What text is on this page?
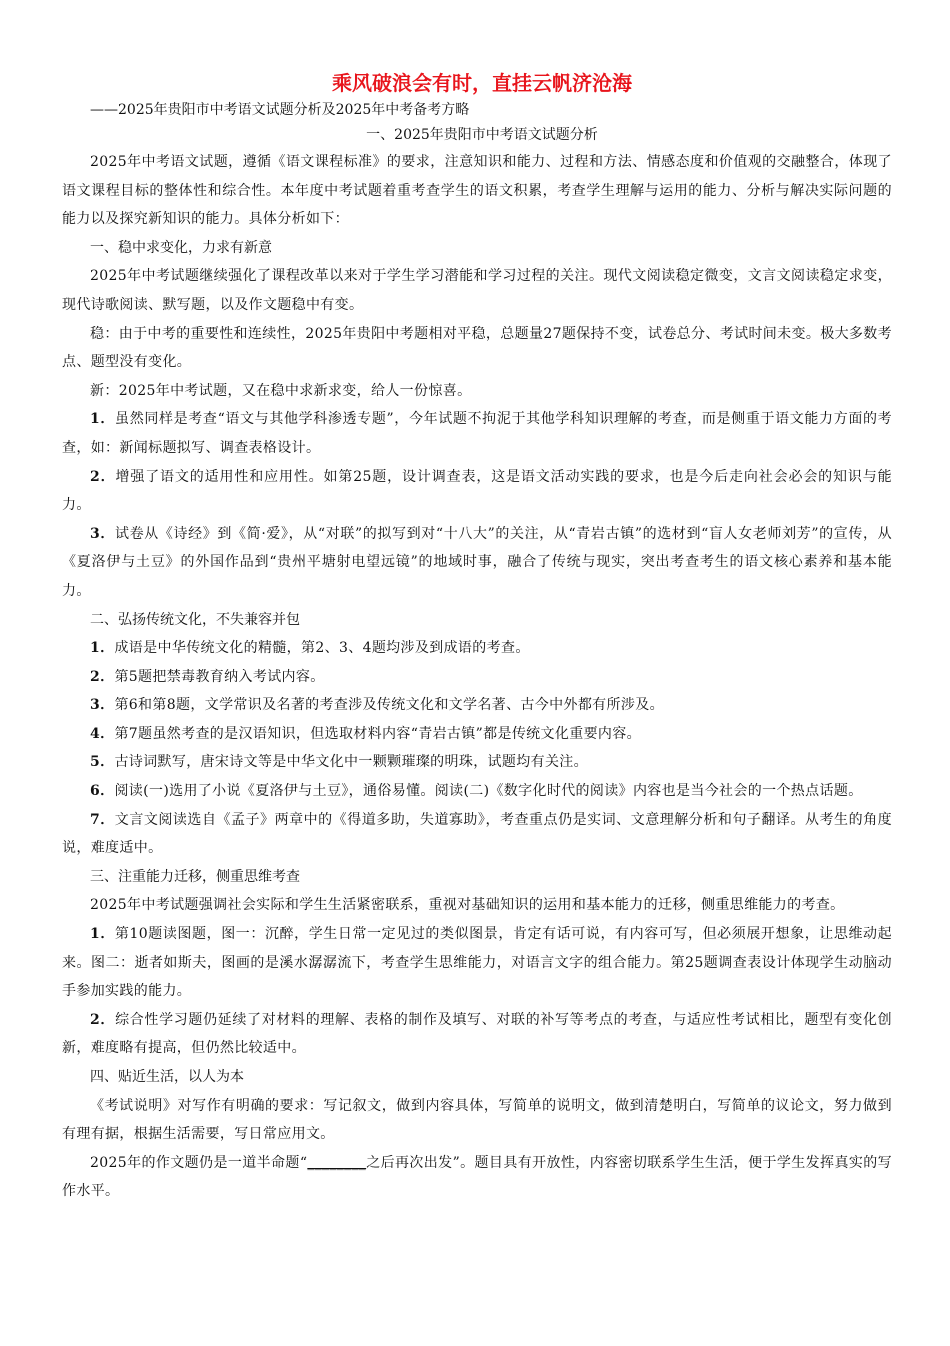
乘风破浪会有时，直挂云帆济沧海
——2025年贵阳市中考语文试题分析及2025年中考备考方略
一、2025年贵阳市中考语文试题分析

2025年中考语文试题，遵循《语文课程标准》的要求，注意知识和能力、过程和方法、情感态度和价值观的交融整合，体现了语文课程目标的整体性和综合性。本年度中考试题着重考查学生的语文积累，考查学生理解与运用的能力、分析与解决实际问题的能力以及探究新知识的能力。具体分析如下：

一、稳中求变化，力求有新意

2025年中考试题继续强化了课程改革以来对于学生学习潜能和学习过程的关注。现代文阅读稳定微变，文言文阅读稳定求变，现代诗歌阅读、默写题，以及作文题稳中有变。

稳：由于中考的重要性和连续性，2025年贵阳中考题相对平稳，总题量27题保持不变，试卷总分、考试时间未变。极大多数考点、题型没有变化。

新：2025年中考试题，又在稳中求新求变，给人一份惊喜。

1．虽然同样是考查“语文与其他学科渗透专题”，今年试题不拘泥于其他学科知识理解的考查，而是侧重于语文能力方面的考查，如：新闻标题拟写、调查表格设计。

2．增强了语文的适用性和应用性。如第25题，设计调查表，这是语文活动实践的要求，也是今后走向社会必会的知识与能力。

3．试卷从《诗经》到《简·爱》，从“对联”的拟写到对“十八大”的关注，从“青岩古镇”的选材到“盲人女老师刘芳”的宣传，从《夏洛伊与土豆》的外国作品到“贵州平塘射电望远镜”的地域时事，融合了传统与现实，突出考查考生的语文核心素养和基本能力。

二、弘扬传统文化，不失兼容并包

1．成语是中华传统文化的精髓，第2、3、4题均涉及到成语的考查。

2．第5题把禁毒教育纳入考试内容。

3．第6和第8题，文学常识及名著的考查涉及传统文化和文学名著、古今中外都有所涉及。

4．第7题虽然考查的是汉语知识，但选取材料内容“青岩古镇”都是传统文化重要内容。

5．古诗词默写，唐宋诗文等是中华文化中一颗颗璀璨的明珠，试题均有关注。

6．阅读(一)选用了小说《夏洛伊与土豆》，通俗易懂。阅读(二)《数字化时代的阅读》内容也是当今社会的一个热点话题。

7．文言文阅读选自《孟子》两章中的《得道多助，失道寡助》，考查重点仍是实词、文意理解分析和句子翻译。从考生的角度说，难度适中。

三、注重能力迁移，侧重思维考查

2025年中考试题强调社会实际和学生生活紧密联系，重视对基础知识的运用和基本能力的迁移，侧重思维能力的考查。

1．第10题读图题，图一：沉醉，学生日常一定见过的类似图景，肯定有话可说，有内容可写，但必须展开想象，让思维动起来。图二：逝者如斯夫，图画的是溪水潺潺流下，考查学生思维能力，对语言文字的组合能力。第25题调查表设计体现学生动脑动手参加实践的能力。

2．综合性学习题仍延续了对材料的理解、表格的制作及填写、对联的补写等考点的考查，与适应性考试相比，题型有变化创新，难度略有提高，但仍然比较适中。

四、贴近生活，以人为本

《考试说明》对写作有明确的要求：写记叙文，做到内容具体，写简单的说明文，做到清楚明白，写简单的议论文，努力做到有理有据，根据生活需要，写日常应用文。

2025年的作文题仍是一道半命题“________之后再次出发”。题目具有开放性，内容密切联系学生生活，便于学生发挥真实的写作水平。
